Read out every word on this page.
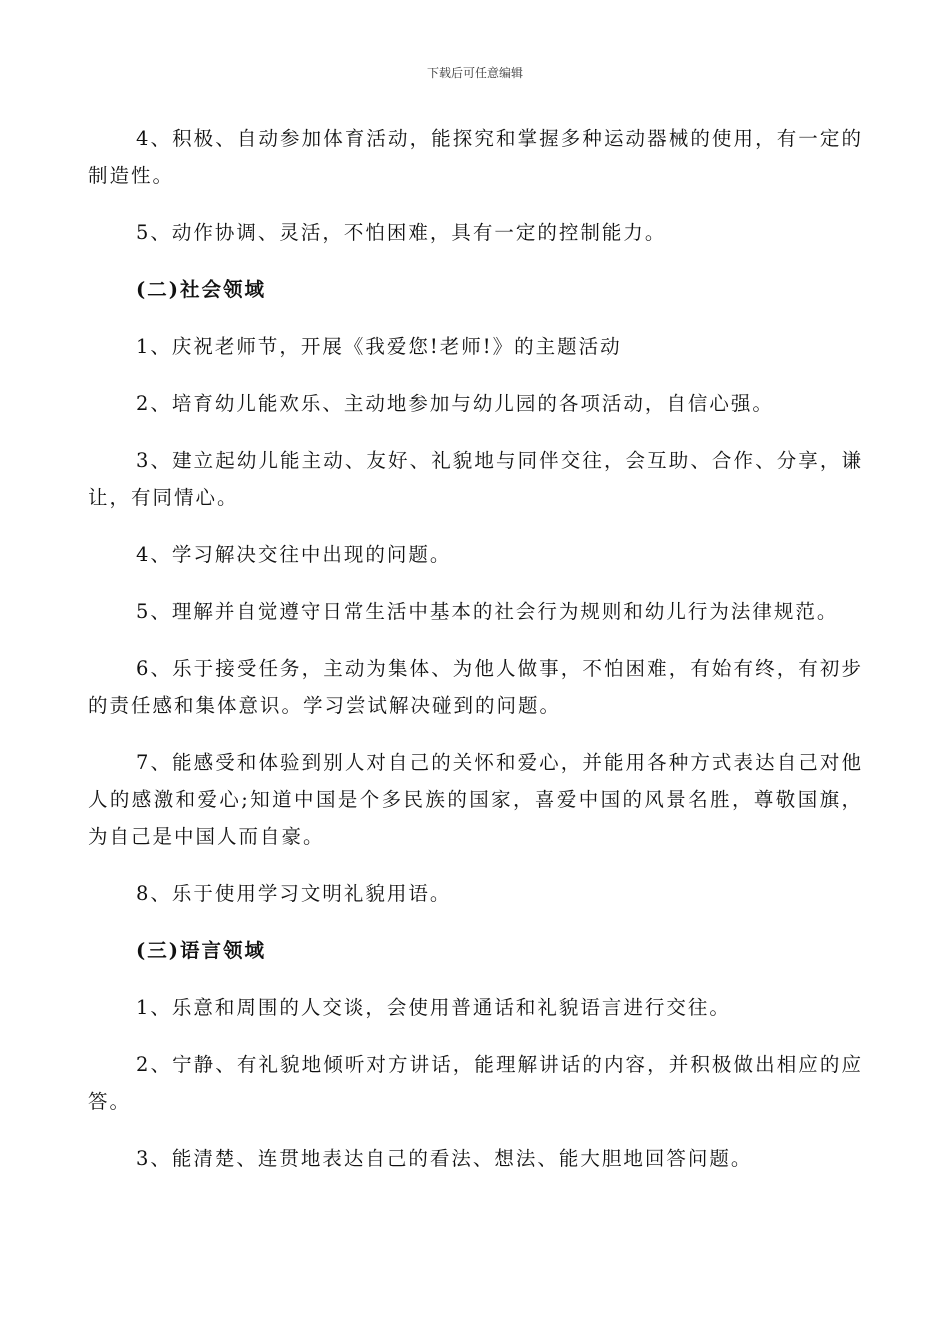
下载后可任意编辑

4、积极、自动参加体育活动，能探究和掌握多种运动器械的使用，有一定的制造性。

5、动作协调、灵活，不怕困难，具有一定的控制能力。

(二)社会领域

1、庆祝老师节，开展《我爱您!老师!》的主题活动

2、培育幼儿能欢乐、主动地参加与幼儿园的各项活动，自信心强。

3、建立起幼儿能主动、友好、礼貌地与同伴交往，会互助、合作、分享，谦让，有同情心。

4、学习解决交往中出现的问题。

5、理解并自觉遵守日常生活中基本的社会行为规则和幼儿行为法律规范。

6、乐于接受任务，主动为集体、为他人做事，不怕困难，有始有终，有初步的责任感和集体意识。学习尝试解决碰到的问题。

7、能感受和体验到别人对自己的关怀和爱心，并能用各种方式表达自己对他人的感激和爱心;知道中国是个多民族的国家，喜爱中国的风景名胜，尊敬国旗，为自己是中国人而自豪。

8、乐于使用学习文明礼貌用语。

(三)语言领域

1、乐意和周围的人交谈，会使用普通话和礼貌语言进行交往。

2、宁静、有礼貌地倾听对方讲话，能理解讲话的内容，并积极做出相应的应答。

3、能清楚、连贯地表达自己的看法、想法、能大胆地回答问题。
